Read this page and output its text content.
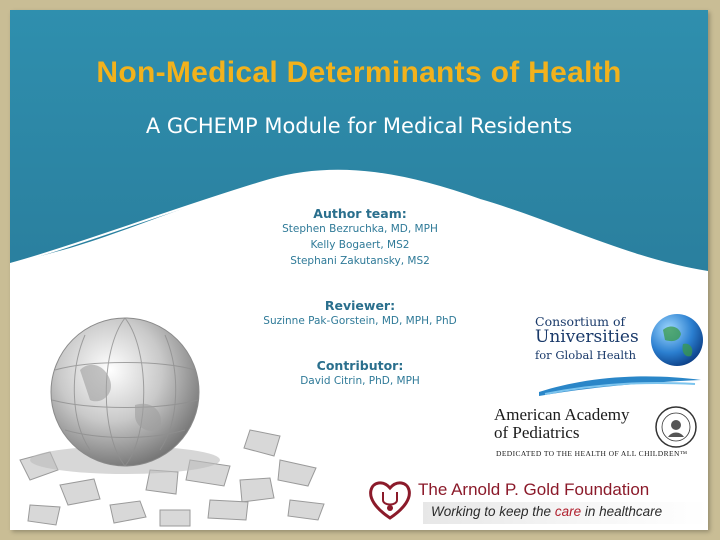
Non-Medical Determinants of Health
A GCHEMP Module for Medical Residents
Author team:
Stephen Bezruchka, MD, MPH
Kelly Bogaert, MS2
Stephani Zakutansky, MS2
Reviewer:
Suzinne Pak-Gorstein, MD, MPH, PhD
Contributor:
David Citrin, PhD, MPH
Consortium of
Universities
for Global Health
American Academy
of Pediatrics
DEDICATED TO THE HEALTH OF ALL CHILDREN™
The Arnold P. Gold Foundation
Working to keep the care in healthcare
